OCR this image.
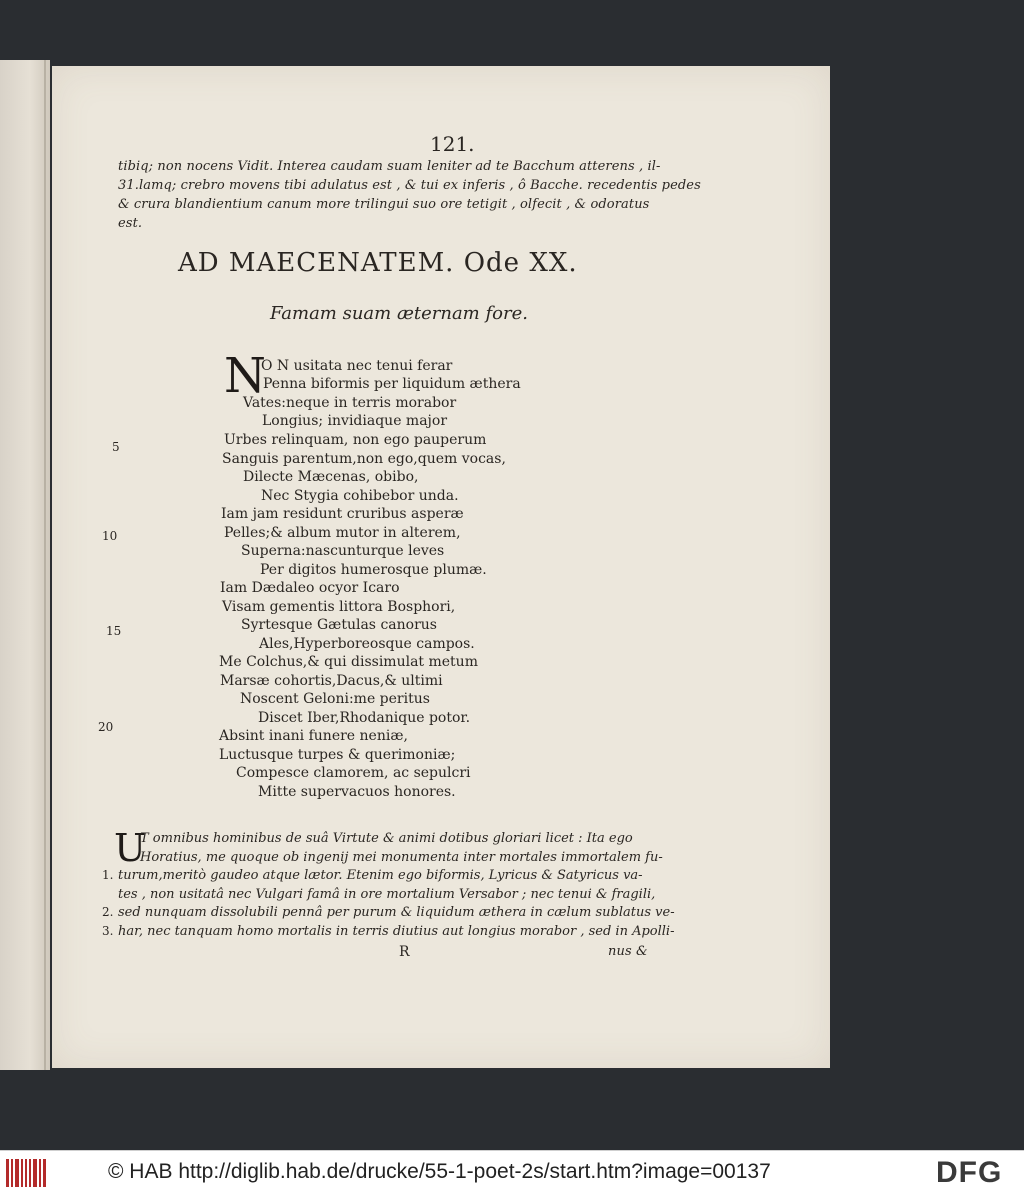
121.
tibiq; non nocens Vidit. Interea caudam suam leniter ad te Bacchum atterens , il-
31.lamq; crebro movens tibi adulatus est , & tui ex inferis , ô Bacche. recedentis pedes
& crura blandientium canum more trilingui suo ore tetigit , olfecit , & odoratus
est.
AD MAECENATEM. Ode XX.
Famam suam æternam fore.
N
O N usitata nec tenui ferar
Penna biformis per liquidum æthera
Vates:neque in terris morabor
Longius; invidiaque major
Urbes relinquam, non ego pauperum
Sanguis parentum,non ego,quem vocas,
Dilecte Mæcenas, obibo,
Nec Stygia cohibebor unda.
Iam jam residunt cruribus asperæ
Pelles;& album mutor in alterem,
Superna:nascunturque leves
Per digitos humerosque plumæ.
Iam Dædaleo ocyor Icaro
Visam gementis littora Bosphori,
Syrtesque Gætulas canorus
Ales,Hyperboreosque campos.
Me Colchus,& qui dissimulat metum
Marsæ cohortis,Dacus,& ultimi
Noscent Geloni:me peritus
Discet Iber,Rhodanique potor.
Absint inani funere neniæ,
Luctusque turpes & querimoniæ;
Compesce clamorem, ac sepulcri
Mitte supervacuos honores.
5
10
15
20
U
T omnibus hominibus de suâ Virtute & animi dotibus gloriari licet : Ita ego
Horatius, me quoque ob ingenij mei monumenta inter mortales immortalem fu-
turum,meritò gaudeo atque lætor. Etenim ego biformis, Lyricus & Satyricus va-
tes , non usitatâ nec Vulgari famâ in ore mortalium Versabor ; nec tenui & fragili,
sed nunquam dissolubili pennâ per purum & liquidum æthera in cælum sublatus ve-
har, nec tanquam homo mortalis in terris diutius aut longius morabor , sed in Apolli-
1.
2.
3.
R	nus &
© HAB http://diglib.hab.de/drucke/55-1-poet-2s/start.htm?image=00137	DFG
